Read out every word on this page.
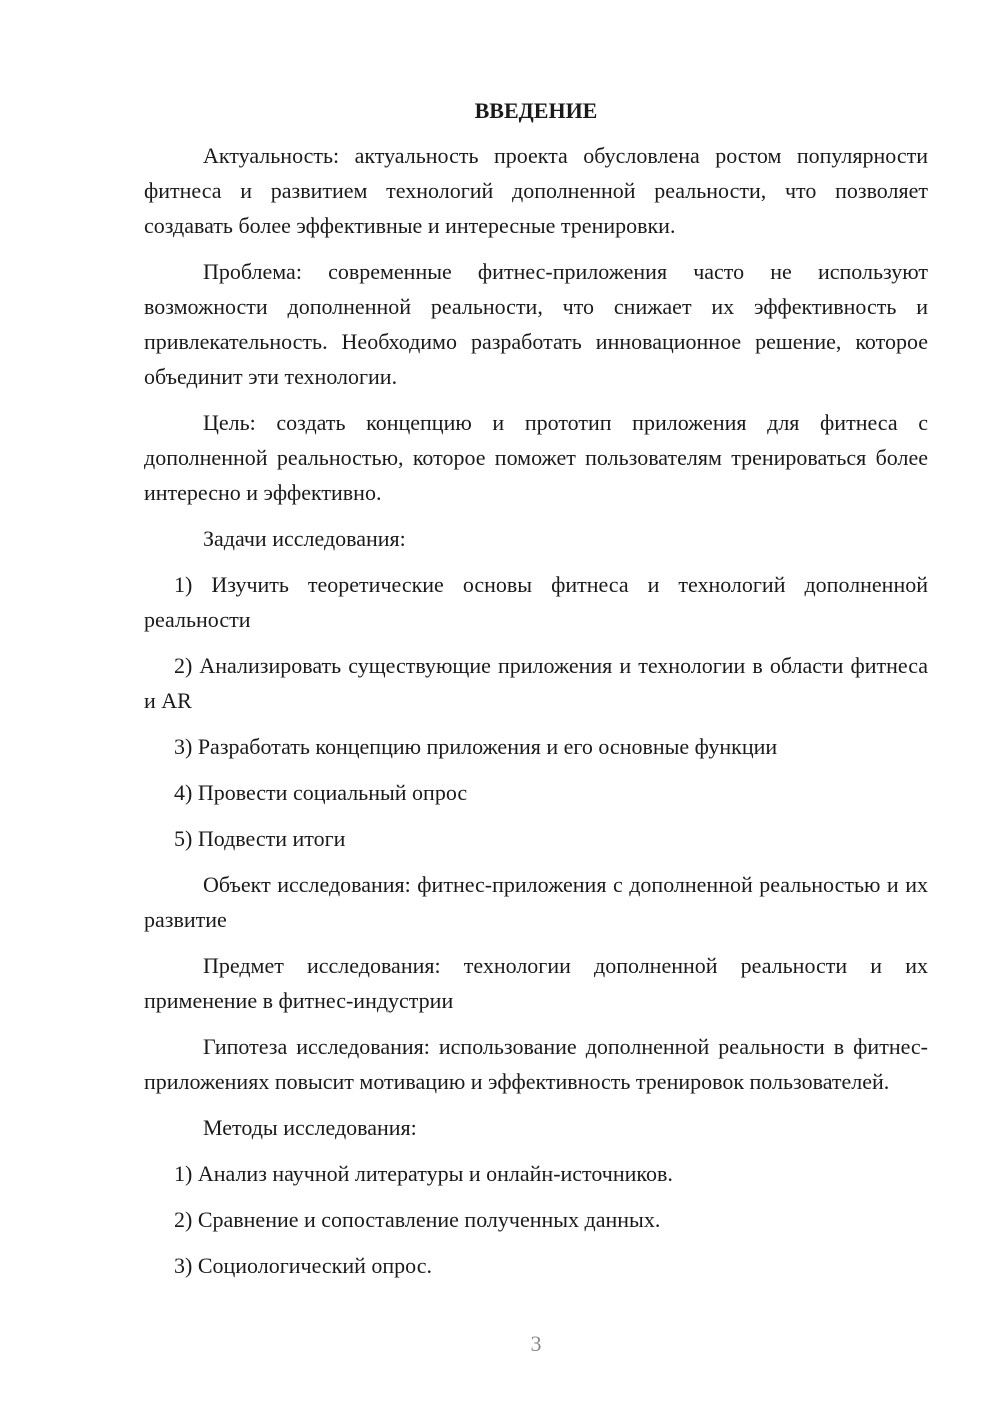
ВВЕДЕНИЕ

Актуальность: актуальность проекта обусловлена ростом популярности фитнеса и развитием технологий дополненной реальности, что позволяет создавать более эффективные и интересные тренировки.

Проблема: современные фитнес-приложения часто не используют возможности дополненной реальности, что снижает их эффективность и привлекательность. Необходимо разработать инновационное решение, которое объединит эти технологии.

Цель: создать концепцию и прототип приложения для фитнеса с дополненной реальностью, которое поможет пользователям тренироваться более интересно и эффективно.

Задачи исследования:

1) Изучить теоретические основы фитнеса и технологий дополненной реальности

2) Анализировать существующие приложения и технологии в области фитнеса и AR

3) Разработать концепцию приложения и его основные функции

4) Провести социальный опрос

5) Подвести итоги

Объект исследования: фитнес-приложения с дополненной реальностью и их развитие

Предмет исследования: технологии дополненной реальности и их применение в фитнес-индустрии

Гипотеза исследования: использование дополненной реальности в фитнес-приложениях повысит мотивацию и эффективность тренировок пользователей.

Методы исследования:

1) Анализ научной литературы и онлайн-источников.

2) Сравнение и сопоставление полученных данных.

3) Социологический опрос.

3
